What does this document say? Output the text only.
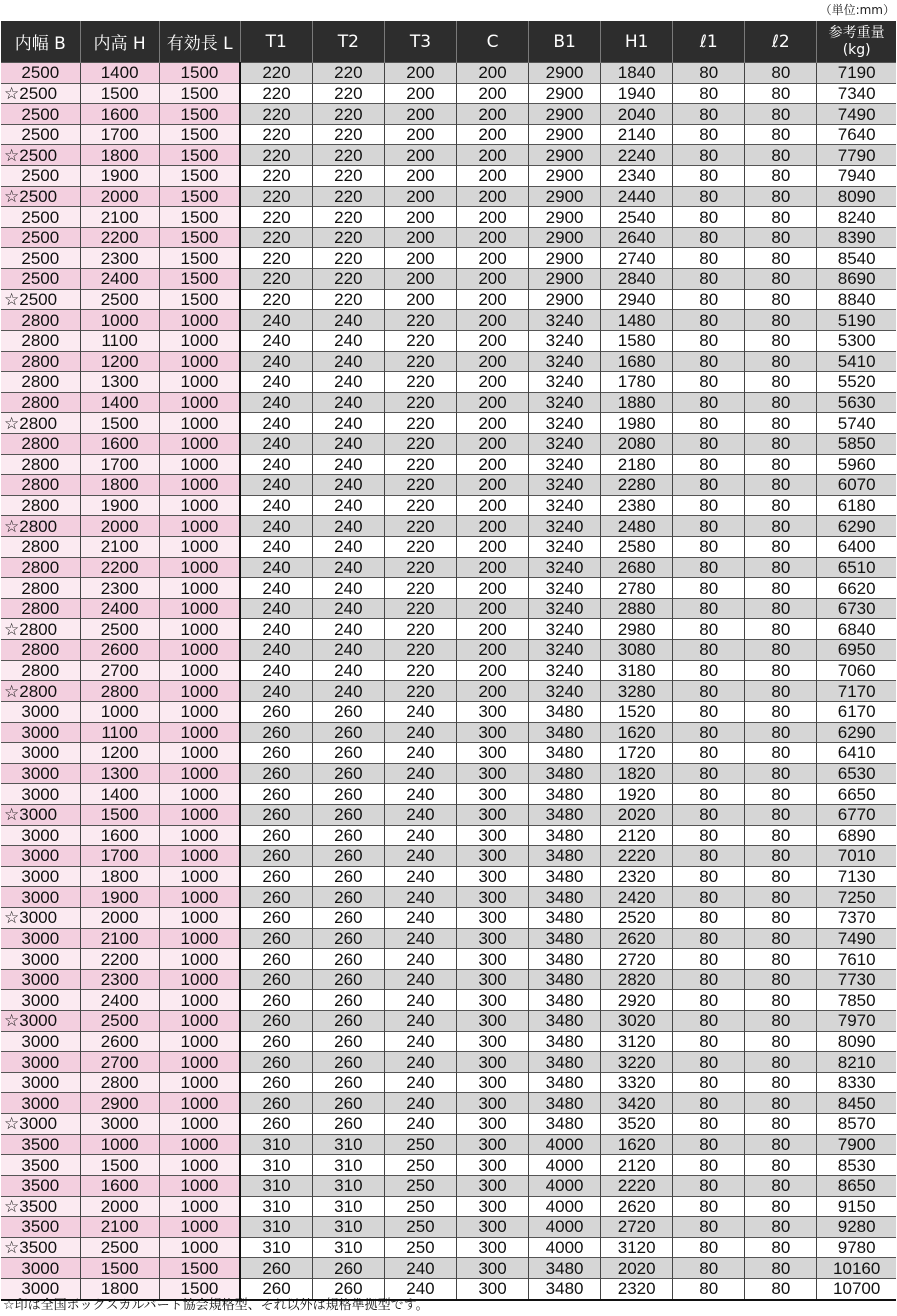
（単位:mm）
内幅 B	内高 H	有効長 L	T1	T2	T3	C	B1	H1	ℓ1	ℓ2	参考重量
(kg)
2500	1400	1500	220	220	200	200	2900	1840	80	80	7190
☆2500	1500	1500	220	220	200	200	2900	1940	80	80	7340
2500	1600	1500	220	220	200	200	2900	2040	80	80	7490
2500	1700	1500	220	220	200	200	2900	2140	80	80	7640
☆2500	1800	1500	220	220	200	200	2900	2240	80	80	7790
2500	1900	1500	220	220	200	200	2900	2340	80	80	7940
☆2500	2000	1500	220	220	200	200	2900	2440	80	80	8090
2500	2100	1500	220	220	200	200	2900	2540	80	80	8240
2500	2200	1500	220	220	200	200	2900	2640	80	80	8390
2500	2300	1500	220	220	200	200	2900	2740	80	80	8540
2500	2400	1500	220	220	200	200	2900	2840	80	80	8690
☆2500	2500	1500	220	220	200	200	2900	2940	80	80	8840
2800	1000	1000	240	240	220	200	3240	1480	80	80	5190
2800	1100	1000	240	240	220	200	3240	1580	80	80	5300
2800	1200	1000	240	240	220	200	3240	1680	80	80	5410
2800	1300	1000	240	240	220	200	3240	1780	80	80	5520
2800	1400	1000	240	240	220	200	3240	1880	80	80	5630
☆2800	1500	1000	240	240	220	200	3240	1980	80	80	5740
2800	1600	1000	240	240	220	200	3240	2080	80	80	5850
2800	1700	1000	240	240	220	200	3240	2180	80	80	5960
2800	1800	1000	240	240	220	200	3240	2280	80	80	6070
2800	1900	1000	240	240	220	200	3240	2380	80	80	6180
☆2800	2000	1000	240	240	220	200	3240	2480	80	80	6290
2800	2100	1000	240	240	220	200	3240	2580	80	80	6400
2800	2200	1000	240	240	220	200	3240	2680	80	80	6510
2800	2300	1000	240	240	220	200	3240	2780	80	80	6620
2800	2400	1000	240	240	220	200	3240	2880	80	80	6730
☆2800	2500	1000	240	240	220	200	3240	2980	80	80	6840
2800	2600	1000	240	240	220	200	3240	3080	80	80	6950
2800	2700	1000	240	240	220	200	3240	3180	80	80	7060
☆2800	2800	1000	240	240	220	200	3240	3280	80	80	7170
3000	1000	1000	260	260	240	300	3480	1520	80	80	6170
3000	1100	1000	260	260	240	300	3480	1620	80	80	6290
3000	1200	1000	260	260	240	300	3480	1720	80	80	6410
3000	1300	1000	260	260	240	300	3480	1820	80	80	6530
3000	1400	1000	260	260	240	300	3480	1920	80	80	6650
☆3000	1500	1000	260	260	240	300	3480	2020	80	80	6770
3000	1600	1000	260	260	240	300	3480	2120	80	80	6890
3000	1700	1000	260	260	240	300	3480	2220	80	80	7010
3000	1800	1000	260	260	240	300	3480	2320	80	80	7130
3000	1900	1000	260	260	240	300	3480	2420	80	80	7250
☆3000	2000	1000	260	260	240	300	3480	2520	80	80	7370
3000	2100	1000	260	260	240	300	3480	2620	80	80	7490
3000	2200	1000	260	260	240	300	3480	2720	80	80	7610
3000	2300	1000	260	260	240	300	3480	2820	80	80	7730
3000	2400	1000	260	260	240	300	3480	2920	80	80	7850
☆3000	2500	1000	260	260	240	300	3480	3020	80	80	7970
3000	2600	1000	260	260	240	300	3480	3120	80	80	8090
3000	2700	1000	260	260	240	300	3480	3220	80	80	8210
3000	2800	1000	260	260	240	300	3480	3320	80	80	8330
3000	2900	1000	260	260	240	300	3480	3420	80	80	8450
☆3000	3000	1000	260	260	240	300	3480	3520	80	80	8570
3500	1000	1000	310	310	250	300	4000	1620	80	80	7900
3500	1500	1000	310	310	250	300	4000	2120	80	80	8530
3500	1600	1000	310	310	250	300	4000	2220	80	80	8650
☆3500	2000	1000	310	310	250	300	4000	2620	80	80	9150
3500	2100	1000	310	310	250	300	4000	2720	80	80	9280
☆3500	2500	1000	310	310	250	300	4000	3120	80	80	9780
3000	1500	1500	260	260	240	300	3480	2020	80	80	10160
3000	1800	1500	260	260	240	300	3480	2320	80	80	10700
☆印は全国ボックスカルバート協会規格型、それ以外は規格準拠型です。
